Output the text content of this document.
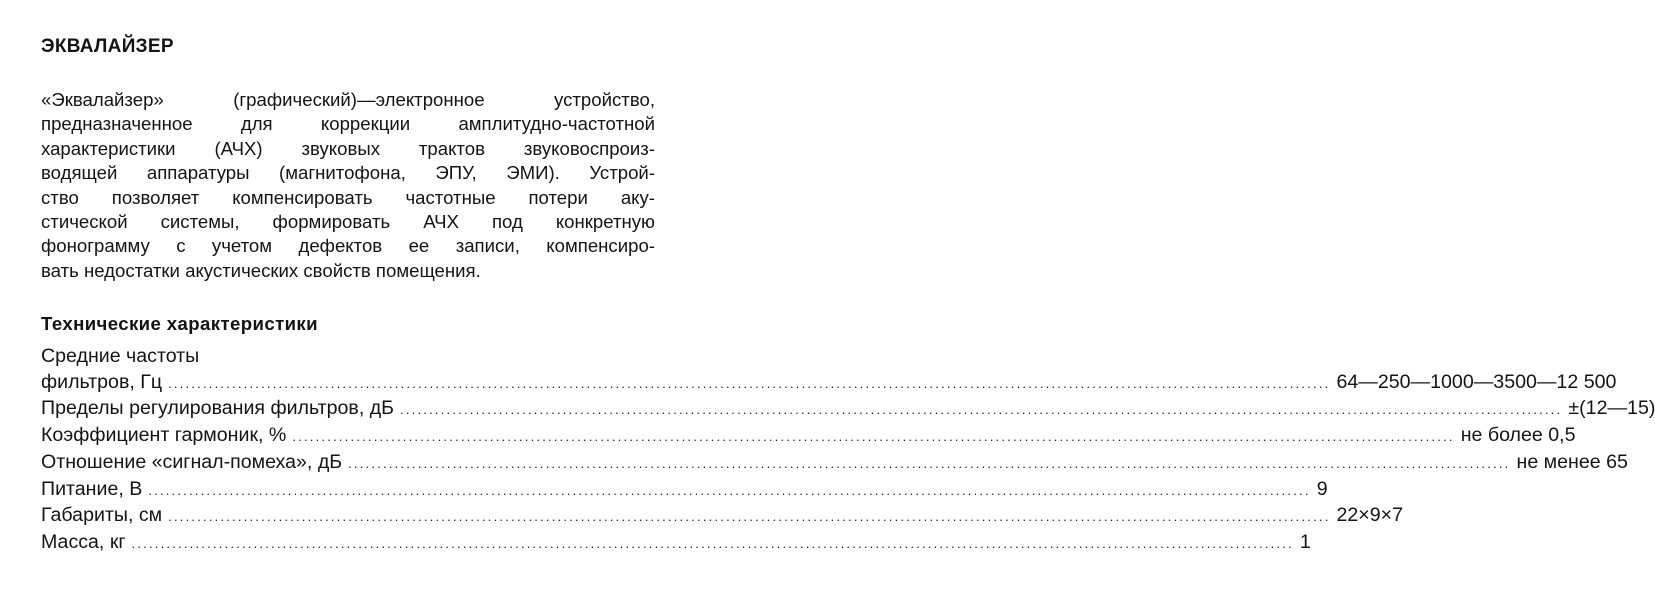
ЭКВАЛАЙЗЕР

«Эквалайзер» (графический)—электронное устройство,
предназначенное для коррекции амплитудно-частотной
характеристики (АЧХ) звуковых трактов звуковоспроиз-
водящей аппаратуры (магнитофона, ЭПУ, ЭМИ). Устрой-
ство позволяет компенсировать частотные потери аку-
стической системы, формировать АЧХ под конкретную
фонограмму с учетом дефектов ее записи, компенсиро-
вать недостатки акустических свойств помещения.

Технические характеристики
Средние частоты
фильтров, Гц ........................................................................................................................................................................................................ 64—250—1000—3500—12 500
Пределы регулирования фильтров, дБ ........................................................................................................................................................................................................ ±(12—15)
Коэффициент гармоник, % ........................................................................................................................................................................................................ не более 0,5
Отношение «сигнал-помеха», дБ ........................................................................................................................................................................................................ не менее 65
Питание, В ........................................................................................................................................................................................................ 9
Габариты, см ........................................................................................................................................................................................................ 22×9×7
Масса, кг ........................................................................................................................................................................................................ 1
